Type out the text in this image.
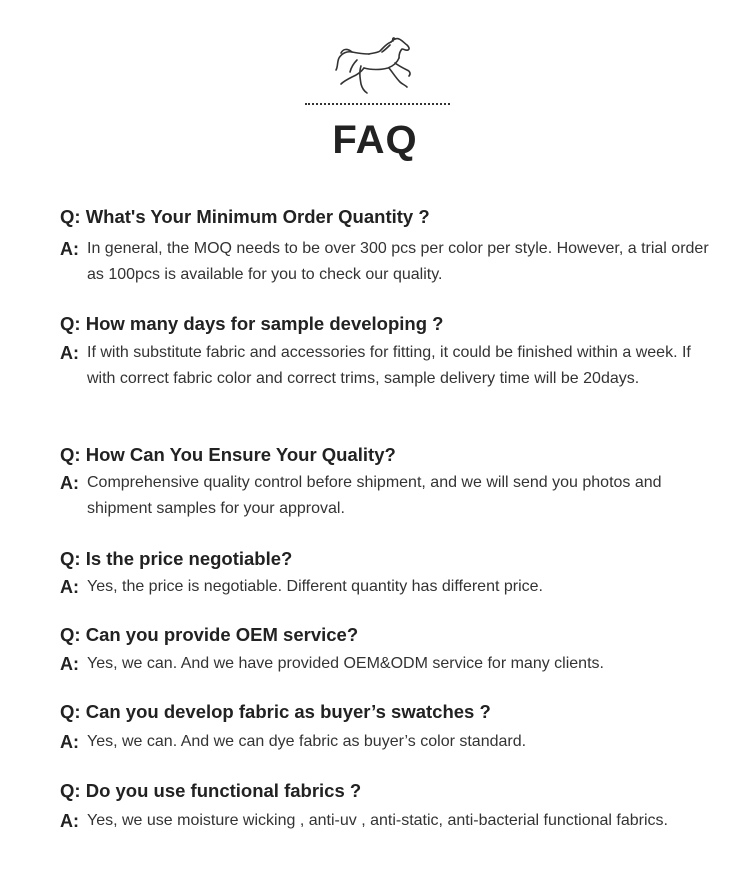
FAQ
Q: What's Your Minimum Order Quantity ?
A: In general, the MOQ needs to be over 300 pcs per color per style. However, a trial order as 100pcs is available for you to check our quality.
Q: How many days for sample developing ?
A: If with substitute fabric and accessories for fitting, it could be finished within a week. If with correct fabric color and correct trims, sample delivery time will be 20days.
Q: How Can You Ensure Your Quality?
A: Comprehensive quality control before shipment, and we will send you photos and shipment samples for your approval.
Q: Is the price negotiable?
A: Yes, the price is negotiable. Different quantity has different price.
Q: Can you provide OEM service?
A: Yes, we can. And we have provided OEM&ODM service for many clients.
Q: Can you develop fabric as buyer’s swatches ?
A: Yes, we can. And we can dye fabric as buyer’s color standard.
Q: Do you use functional fabrics ?
A: Yes, we use moisture wicking , anti-uv , anti-static, anti-bacterial functional fabrics.
